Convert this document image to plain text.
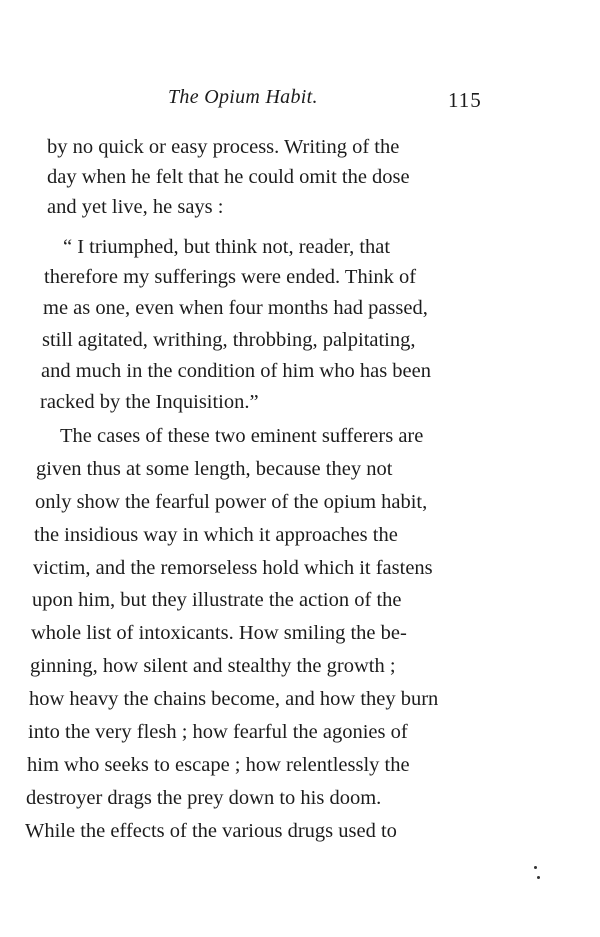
The Opium Habit.	115
by no quick or easy process. Writing of the
day when he felt that he could omit the dose
and yet live, he says :
“ I triumphed, but think not, reader, that
therefore my sufferings were ended. Think of
me as one, even when four months had passed,
still agitated, writhing, throbbing, palpitating,
and much in the condition of him who has been
racked by the Inquisition.”
The cases of these two eminent sufferers are
given thus at some length, because they not
only show the fearful power of the opium habit,
the insidious way in which it approaches the
victim, and the remorseless hold which it fastens
upon him, but they illustrate the action of the
whole list of intoxicants. How smiling the be-
ginning, how silent and stealthy the growth ;
how heavy the chains become, and how they burn
into the very flesh ; how fearful the agonies of
him who seeks to escape ; how relentlessly the
destroyer drags the prey down to his doom.
While the effects of the various drugs used to
